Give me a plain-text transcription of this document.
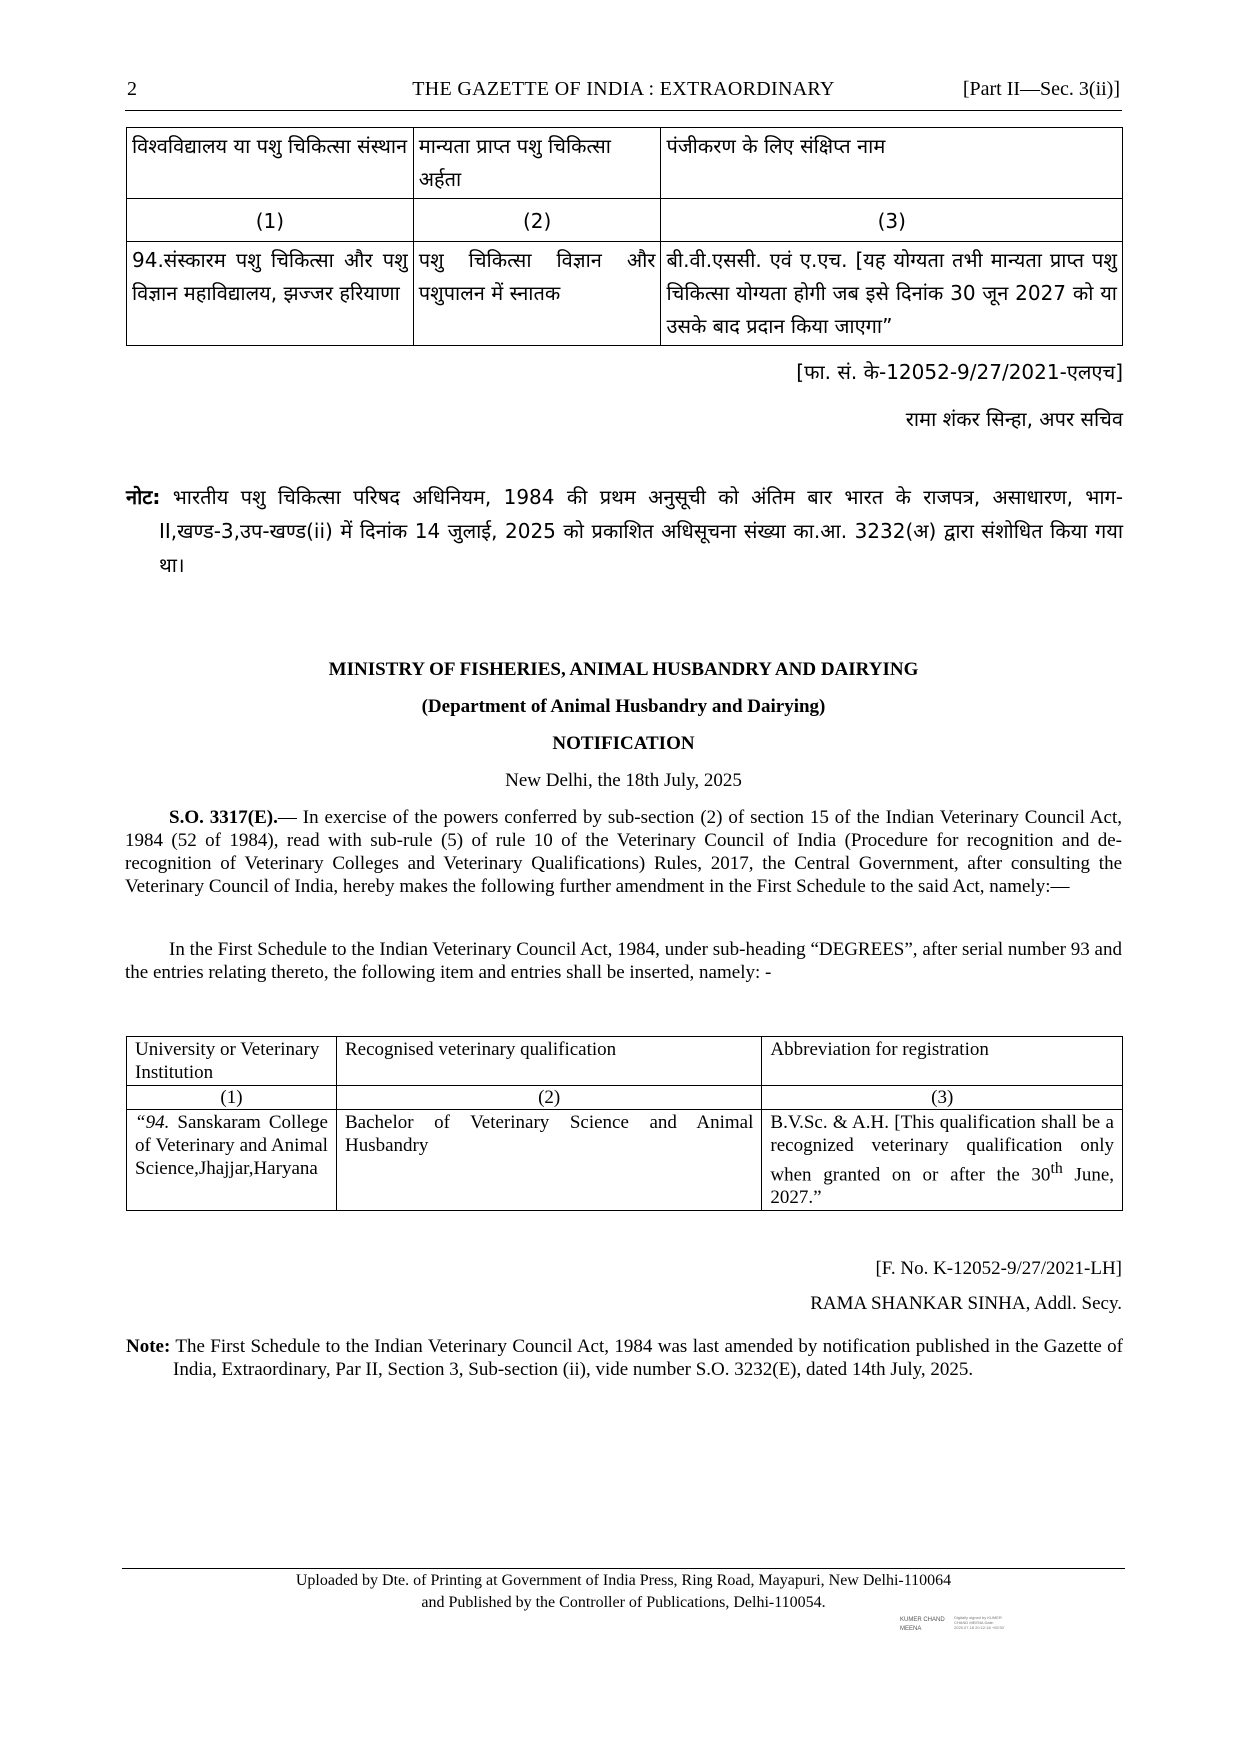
2	THE GAZETTE OF INDIA : EXTRAORDINARY	[Part II—Sec. 3(ii)]
विश्वविद्यालय या पशु चिकित्सा संस्थान	मान्यता प्राप्त पशु चिकित्सा अर्हता	पंजीकरण के लिए संक्षिप्त नाम
(1)	(2)	(3)
94.संस्कारम पशु चिकित्सा और पशु विज्ञान महाविद्यालय, झज्जर हरियाणा	पशु चिकित्सा विज्ञान और पशुपालन में स्नातक	बी.वी.एससी. एवं ए.एच. [यह योग्यता तभी मान्यता प्राप्त पशु चिकित्सा योग्यता होगी जब इसे दिनांक 30 जून 2027 को या उसके बाद प्रदान किया जाएगा”
[फा. सं. के-12052-9/27/2021-एलएच]
रामा शंकर सिन्हा, अपर सचिव
नोट: भारतीय पशु चिकित्सा परिषद अधिनियम, 1984 की प्रथम अनुसूची को अंतिम बार भारत के राजपत्र, असाधारण, भाग-II,खण्ड-3,उप-खण्ड(ii) में दिनांक 14 जुलाई, 2025 को प्रकाशित अधिसूचना संख्या का.आ. 3232(अ) द्वारा संशोधित किया गया था।
MINISTRY OF FISHERIES, ANIMAL HUSBANDRY AND DAIRYING
(Department of Animal Husbandry and Dairying)
NOTIFICATION
New Delhi, the 18th July, 2025
S.O. 3317(E).— In exercise of the powers conferred by sub-section (2) of section 15 of the Indian Veterinary Council Act, 1984 (52 of 1984), read with sub-rule (5) of rule 10 of the Veterinary Council of India (Procedure for recognition and de-recognition of Veterinary Colleges and Veterinary Qualifications) Rules, 2017, the Central Government, after consulting the Veterinary Council of India, hereby makes the following further amendment in the First Schedule to the said Act, namely:—
In the First Schedule to the Indian Veterinary Council Act, 1984, under sub-heading “DEGREES”, after serial number 93 and the entries relating thereto, the following item and entries shall be inserted, namely: -
University or Veterinary Institution	Recognised veterinary qualification	Abbreviation for registration
(1)	(2)	(3)
“94. Sanskaram College of Veterinary and Animal Science,Jhajjar,Haryana	Bachelor of Veterinary Science and Animal Husbandry	B.V.Sc. & A.H. [This qualification shall be a recognized veterinary qualification only when granted on or after the 30th June, 2027.”
[F. No. K-12052-9/27/2021-LH]
RAMA SHANKAR SINHA, Addl. Secy.
Note: The First Schedule to the Indian Veterinary Council Act, 1984 was last amended by notification published in the Gazette of India, Extraordinary, Par II, Section 3, Sub-section (ii), vide number S.O. 3232(E), dated 14th July, 2025.
Uploaded by Dte. of Printing at Government of India Press, Ring Road, Mayapuri, New Delhi-110064
and Published by the Controller of Publications, Delhi-110054.
KUMER CHAND MEENA
Digitally signed by KUMER CHAND MEENA Date: 2025.07.18 20:12:18 +05'30'
